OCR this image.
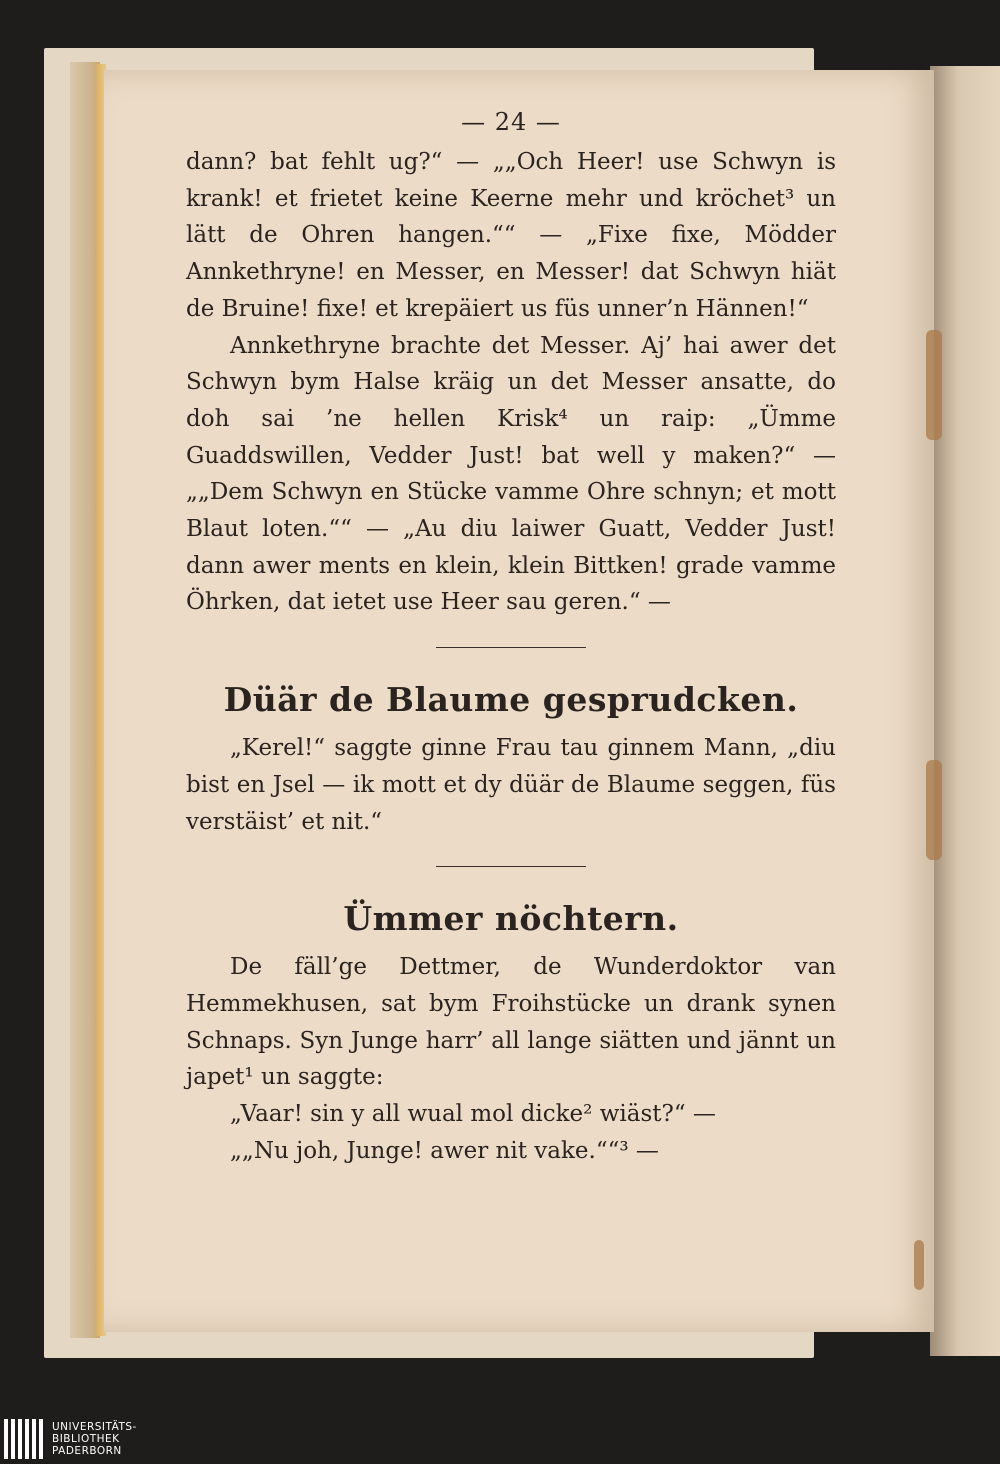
— 24 —

dann? bat fehlt ug?“ — „„Och Heer! use Schwyn is krank! et frietet keine Keerne mehr und kröchet³ un lätt de Ohren hangen.““ — „Fixe fixe, Mödder Annkethryne! en Messer, en Messer! dat Schwyn hiät de Bruine! fixe! et krepäiert us füs unner’n Hännen!“

Annkethryne brachte det Messer. Aj’ hai awer det Schwyn bym Halse kräig un det Messer ansatte, do doh sai ’ne hellen Krisk⁴ un raip: „Ümme Guaddswillen, Vedder Just! bat well y maken?“ — „„Dem Schwyn en Stücke vamme Ohre schnyn; et mott Blaut loten.““ — „Au diu laiwer Guatt, Vedder Just! dann awer ments en klein, klein Bittken! grade vamme Öhrken, dat ietet use Heer sau geren.“ —

Düär de Blaume gesprudcken.

„Kerel!“ saggte ginne Frau tau ginnem Mann, „diu bist en Jsel — ik mott et dy düär de Blaume seggen, füs verstäist’ et nit.“

Ümmer nöchtern.

De fäll’ge Dettmer, de Wunderdoktor van Hemmekhusen, sat bym Froihstücke un drank synen Schnaps. Syn Junge harr’ all lange siätten und jännt un japet¹ un saggte:

„Vaar! sin y all wual mol dicke² wiäst?“ —

„„Nu joh, Junge! awer nit vake.““³ —

UNIVERSITÄTS-
BIBLIOTHEK
PADERBORN
